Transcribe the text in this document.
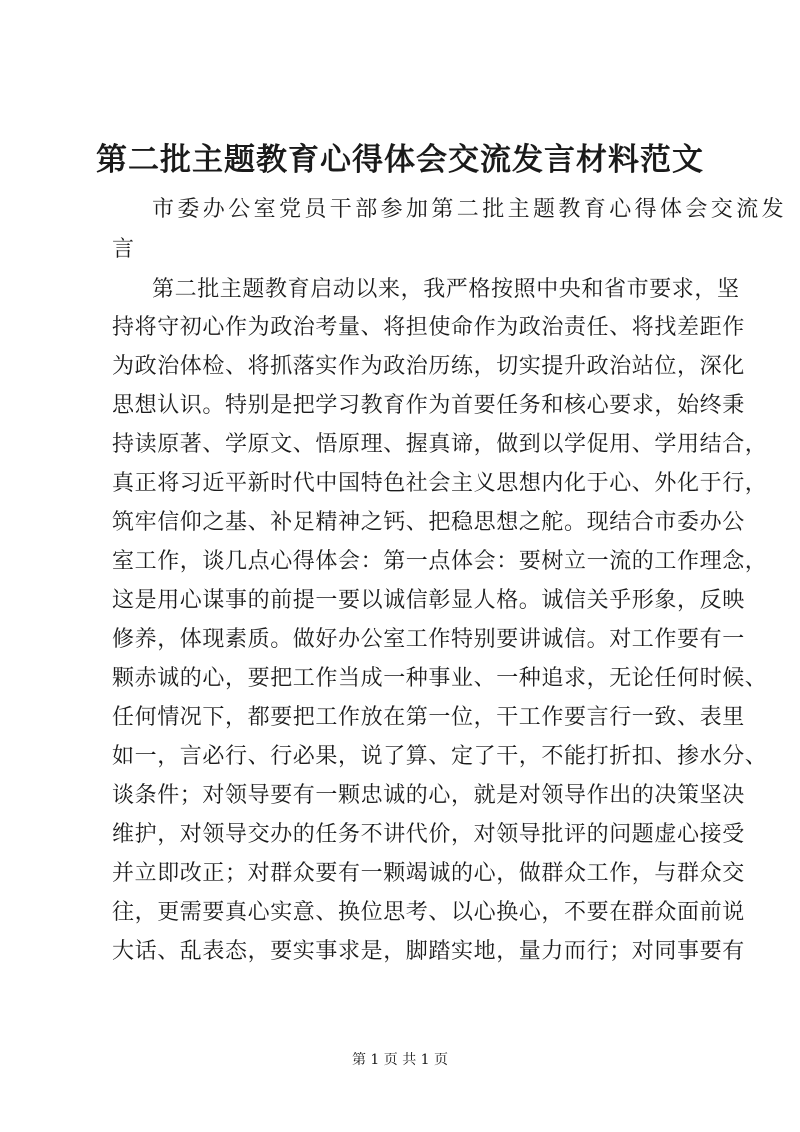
第二批主题教育心得体会交流发言材料范文

市委办公室党员干部参加第二批主题教育心得体会交流发

言

第二批主题教育启动以来，我严格按照中央和省市要求，坚

持将守初心作为政治考量、将担使命作为政治责任、将找差距作

为政治体检、将抓落实作为政治历练，切实提升政治站位，深化

思想认识。特别是把学习教育作为首要任务和核心要求，始终秉

持读原著、学原文、悟原理、握真谛，做到以学促用、学用结合，

真正将习近平新时代中国特色社会主义思想内化于心、外化于行，

筑牢信仰之基、补足精神之钙、把稳思想之舵。现结合市委办公

室工作，谈几点心得体会：第一点体会：要树立一流的工作理念，

这是用心谋事的前提一要以诚信彰显人格。诚信关乎形象，反映

修养，体现素质。做好办公室工作特别要讲诚信。对工作要有一

颗赤诚的心，要把工作当成一种事业、一种追求，无论任何时候、

任何情况下，都要把工作放在第一位，干工作要言行一致、表里

如一，言必行、行必果，说了算、定了干，不能打折扣、掺水分、

谈条件；对领导要有一颗忠诚的心，就是对领导作出的决策坚决

维护，对领导交办的任务不讲代价，对领导批评的问题虚心接受

并立即改正；对群众要有一颗竭诚的心，做群众工作，与群众交

往，更需要真心实意、换位思考、以心换心，不要在群众面前说

大话、乱表态，要实事求是，脚踏实地，量力而行；对同事要有

第 1 页 共 1 页
